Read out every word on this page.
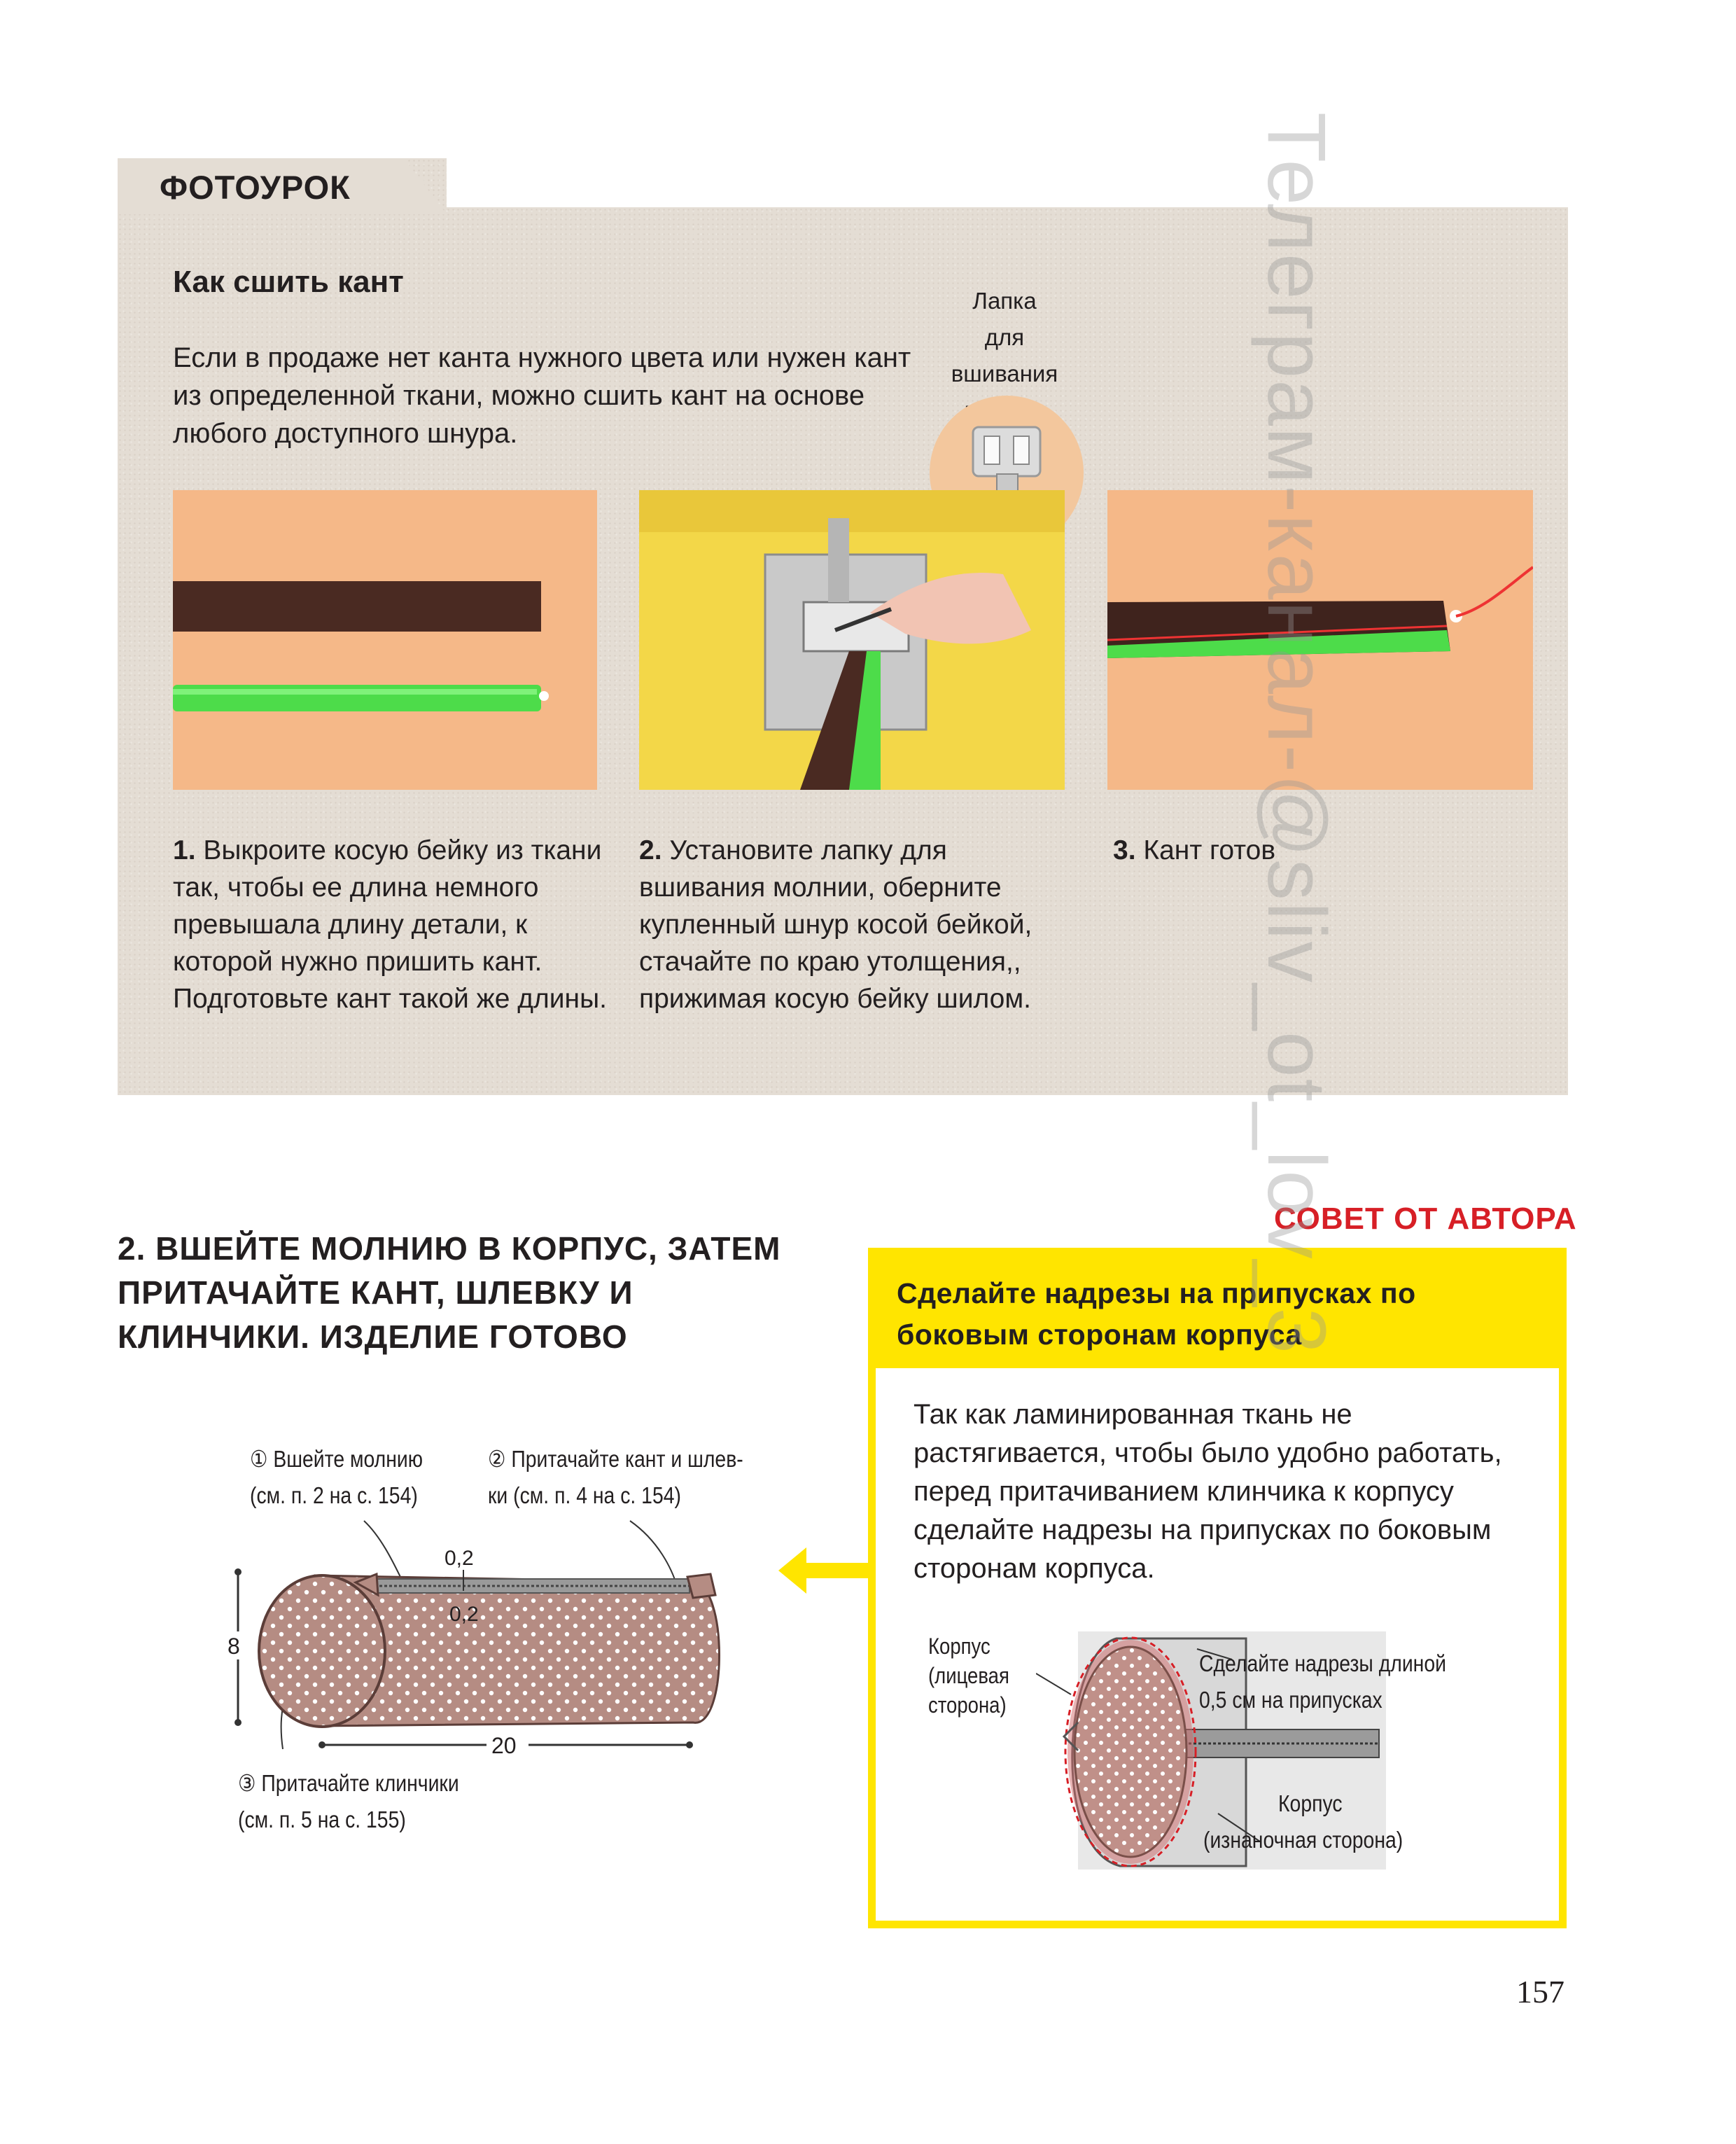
ФОТОУРОК
Как сшить кант
Если в продаже нет канта нужного цвета или нужен кант из определенной ткани, можно сшить кант на основе любого доступного шнура.
Лапка
для вшивания
1. Выкроите косую бейку из ткани так, чтобы ее длина немного превышала длину детали, к которой нужно пришить кант. Подготовьте кант такой же длины.
2. Установите лапку для вшивания молнии, оберните купленный шнур косой бейкой, стачайте по краю утолщения,, прижимая косую бейку шилом.
3. Кант готов
2. ВШЕЙТЕ МОЛНИЮ В КОРПУС, ЗАТЕМ ПРИТАЧАЙТЕ КАНТ, ШЛЕВКУ И КЛИНЧИКИ. ИЗДЕЛИЕ ГОТОВО
① Вшейте молнию
(см. п. 2 на с. 154)
② Притачайте кант и шлев-
ки (см. п. 4 на с. 154)
0,2
0,2
8
20
③ Притачайте клинчики
(см. п. 5 на с. 155)
СОВЕТ ОТ АВТОРА
Сделайте надрезы на припусках по боковым сторонам корпуса
Так как ламинированная ткань не растягивается, чтобы было удобно работать, перед притачиванием клинчика к корпусу сделайте надрезы на припусках по боковым сторонам корпуса.
Корпус
(лицевая
сторона)
Сделайте надрезы длиной
0,5 см на припусках
Корпус
(изнаночная сторона)
157
Телеграм-канал-@sliv_ot_lov_3
